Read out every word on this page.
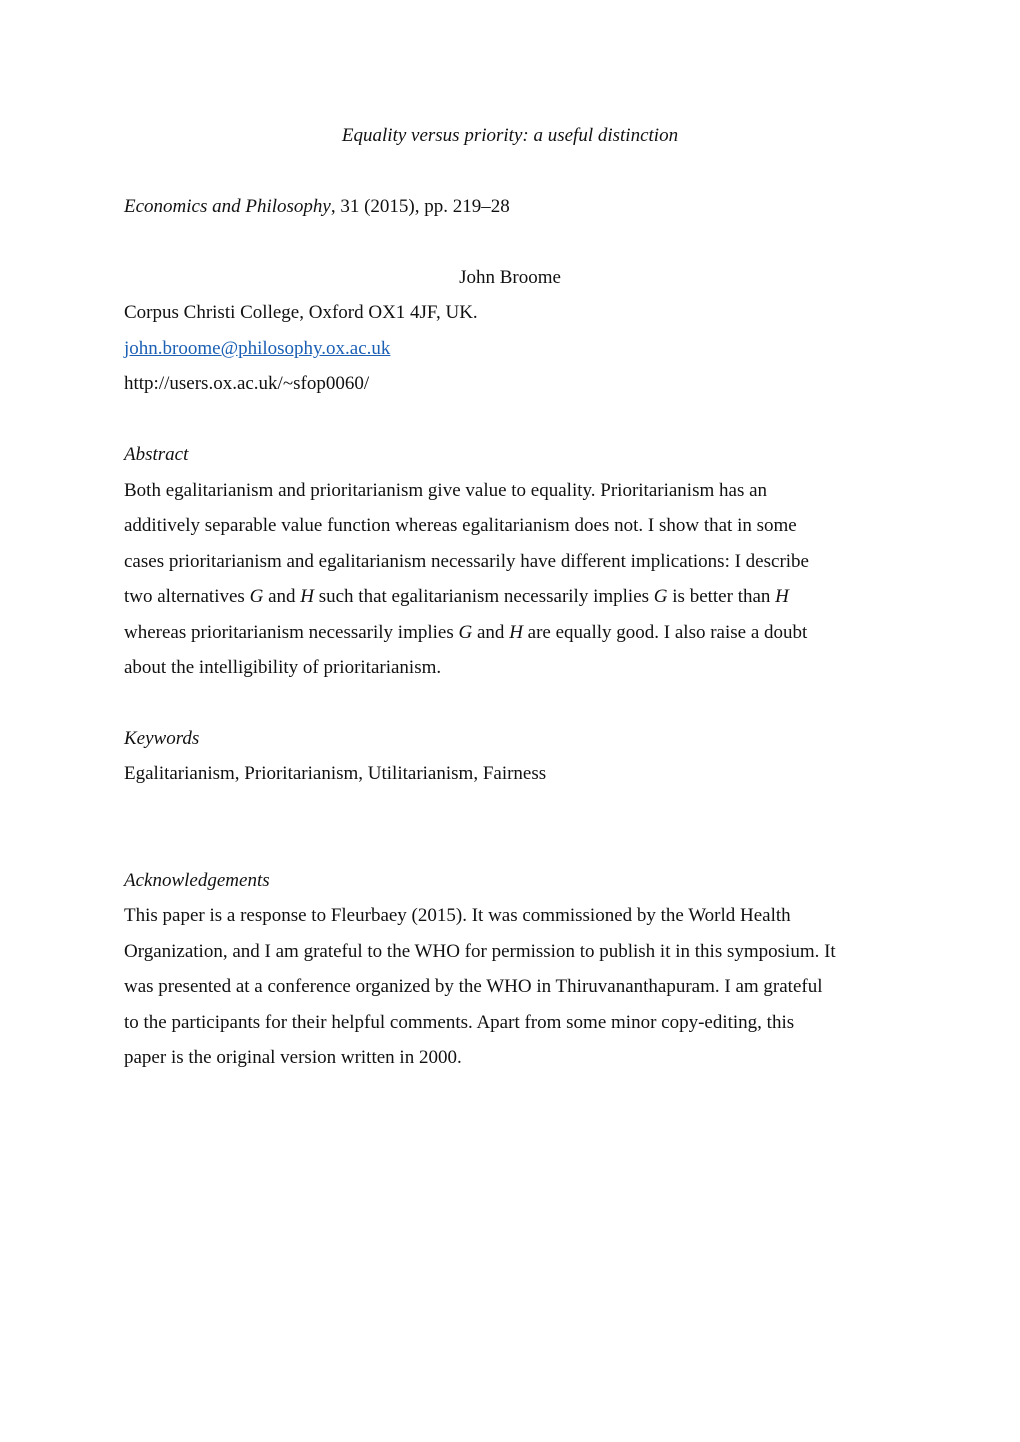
Equality versus priority: a useful distinction

Economics and Philosophy, 31 (2015), pp. 219–28

John Broome

Corpus Christi College, Oxford OX1 4JF, UK.

john.broome@philosophy.ox.ac.uk

http://users.ox.ac.uk/~sfop0060/

Abstract

Both egalitarianism and prioritarianism give value to equality. Prioritarianism has an

additively separable value function whereas egalitarianism does not. I show that in some

cases prioritarianism and egalitarianism necessarily have different implications: I describe

two alternatives G and H such that egalitarianism necessarily implies G is better than H

whereas prioritarianism necessarily implies G and H are equally good. I also raise a doubt

about the intelligibility of prioritarianism.

Keywords

Egalitarianism, Prioritarianism, Utilitarianism, Fairness

Acknowledgements

This paper is a response to Fleurbaey (2015). It was commissioned by the World Health

Organization, and I am grateful to the WHO for permission to publish it in this symposium. It

was presented at a conference organized by the WHO in Thiruvananthapuram. I am grateful

to the participants for their helpful comments. Apart from some minor copy-editing, this

paper is the original version written in 2000.
